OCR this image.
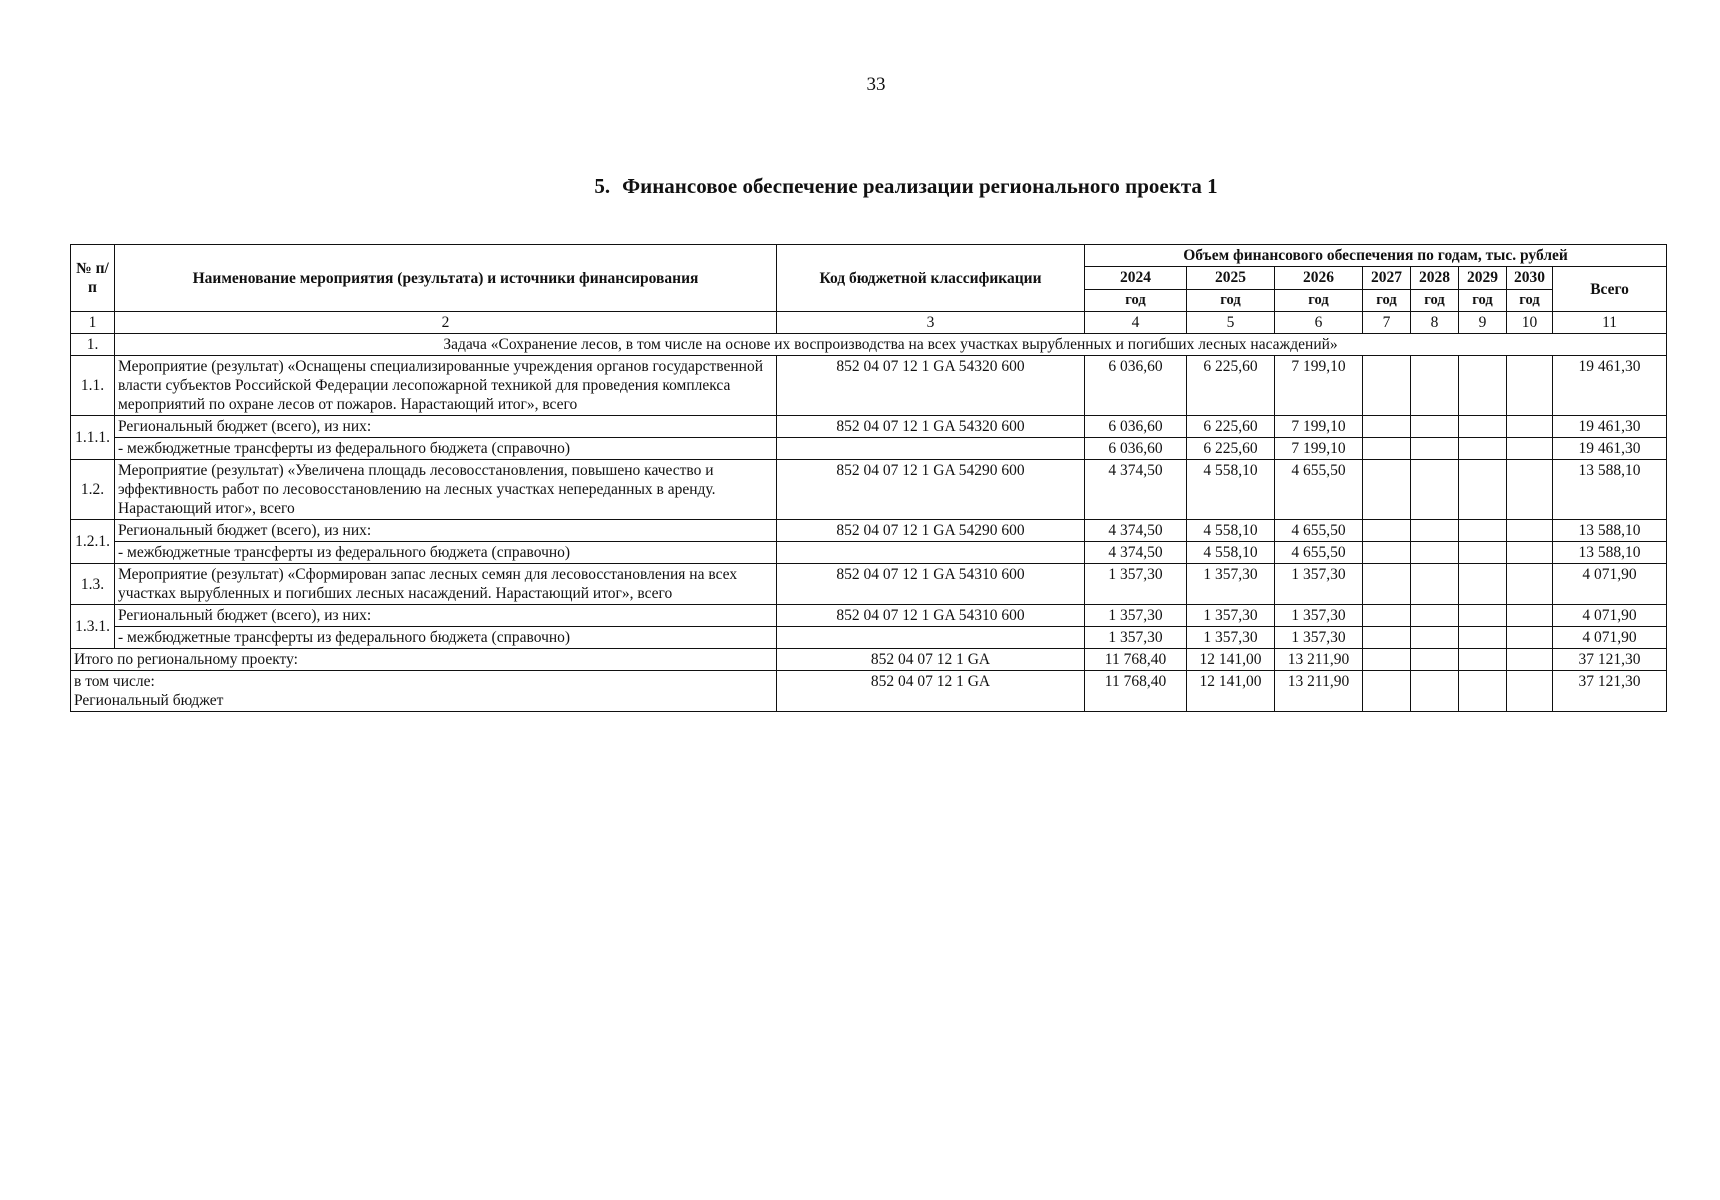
33
5. Финансовое обеспечение реализации регионального проекта 1
№ п/п	Наименование мероприятия (результата) и источники финансирования	Код бюджетной классификации	Объем финансового обеспечения по годам, тыс. рублей							
			2024	2025	2026	2027	2028	2029	2030	Всего
			год	год	год	год	год	год	год	
1	2	3	4	5	6	7	8	9	10	11
1.	Задача «Сохранение лесов, в том числе на основе их воспроизводства на всех участках вырубленных и погибших лесных насаждений»									
1.1.	Мероприятие (результат) «Оснащены специализированные учреждения органов государственной власти субъектов Российской Федерации лесопожарной техникой для проведения комплекса мероприятий по охране лесов от пожаров. Нарастающий итог», всего	852 04 07 12 1 GA 54320 600	6 036,60	6 225,60	7 199,10					19 461,30
1.1.1.	Региональный бюджет (всего), из них:	852 04 07 12 1 GA 54320 600	6 036,60	6 225,60	7 199,10					19 461,30
	- межбюджетные трансферты из федерального бюджета (справочно)		6 036,60	6 225,60	7 199,10					19 461,30
1.2.	Мероприятие (результат) «Увеличена площадь лесовосстановления, повышено качество и эффективность работ по лесовосстановлению на лесных участках непереданных в аренду. Нарастающий итог», всего	852 04 07 12 1 GA 54290 600	4 374,50	4 558,10	4 655,50					13 588,10
1.2.1.	Региональный бюджет (всего), из них:	852 04 07 12 1 GA 54290 600	4 374,50	4 558,10	4 655,50					13 588,10
	- межбюджетные трансферты из федерального бюджета (справочно)		4 374,50	4 558,10	4 655,50					13 588,10
1.3.	Мероприятие (результат) «Сформирован запас лесных семян для лесовосстановления на всех участках вырубленных и погибших лесных насаждений. Нарастающий итог», всего	852 04 07 12 1 GA 54310 600	1 357,30	1 357,30	1 357,30					4 071,90
1.3.1.	Региональный бюджет (всего), из них:	852 04 07 12 1 GA 54310 600	1 357,30	1 357,30	1 357,30					4 071,90
	- межбюджетные трансферты из федерального бюджета (справочно)		1 357,30	1 357,30	1 357,30					4 071,90
Итого по региональному проекту:		852 04 07 12 1 GA	11 768,40	12 141,00	13 211,90					37 121,30

в том числе:
Региональный бюджет		852 04 07 12 1 GA	11 768,40	12 141,00	13 211,90					37 121,30
